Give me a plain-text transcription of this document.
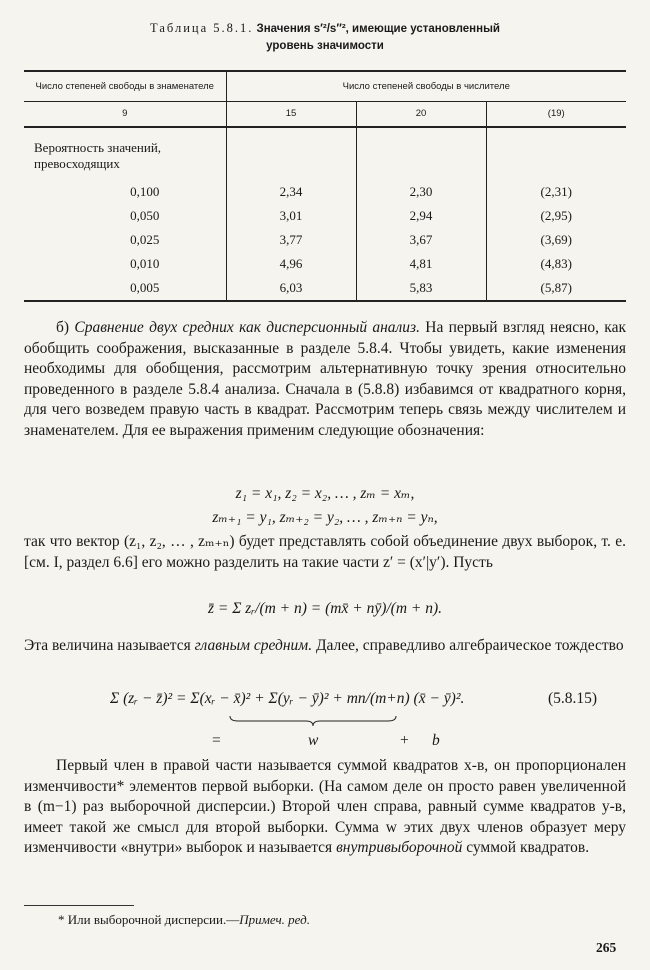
Таблица 5.8.1. Значения s′²/s″², имеющие установленный
уровень значимости
Число степеней свободы в знаменателе	Число степеней свободы в числителе		
9	15	20	(19)
Вероятность значений, превосходящих			
0,100	2,34	2,30	(2,31)
0,050	3,01	2,94	(2,95)
0,025	3,77	3,67	(3,69)
0,010	4,96	4,81	(4,83)
0,005	6,03	5,83	(5,87)

б) Сравнение двух средних как дисперсионный анализ. На первый взгляд неясно, как обобщить соображения, высказанные в разделе 5.8.4. Чтобы увидеть, какие изменения необходимы для обобщения, рассмотрим альтернативную точку зрения относительно проведенного в разделе 5.8.4 анализа. Сначала в (5.8.8) избавимся от квадратного корня, для чего возведем правую часть в квадрат. Рассмотрим теперь связь между числителем и знаменателем. Для ее выражения применим следующие обозначения:

z₁ = x₁, z₂ = x₂, … , zₘ = xₘ,
zₘ₊₁ = y₁, zₘ₊₂ = y₂, … , zₘ₊ₙ = yₙ,

так что вектор (z₁, z₂, … , zₘ₊ₙ) будет представлять собой объединение двух выборок, т. е. [см. I, раздел 6.6] его можно разделить на такие части z′ = (x′|y′). Пусть

z̄ = Σ zᵣ/(m + n) = (mx̄ + nȳ)/(m + n).

Эта величина называется главным средним. Далее, справедливо алгебраическое тождество

Σ (zᵣ − z̄)² = Σ(xᵣ − x̄)² + Σ(yᵣ − ȳ)² + mn/(m+n) (x̄ − ȳ)².	(5.8.15)
=	w	+ b

Первый член в правой части называется суммой квадратов x-в, он пропорционален изменчивости* элементов первой выборки. (На самом деле он просто равен увеличенной в (m−1) раз выборочной дисперсии.) Второй член справа, равный сумме квадратов y-в, имеет такой же смысл для второй выборки. Сумма w этих двух членов образует меру изменчивости «внутри» выборок и называется внутривыборочной суммой квадратов.

* Или выборочной дисперсии.—Примеч. ред.
265
